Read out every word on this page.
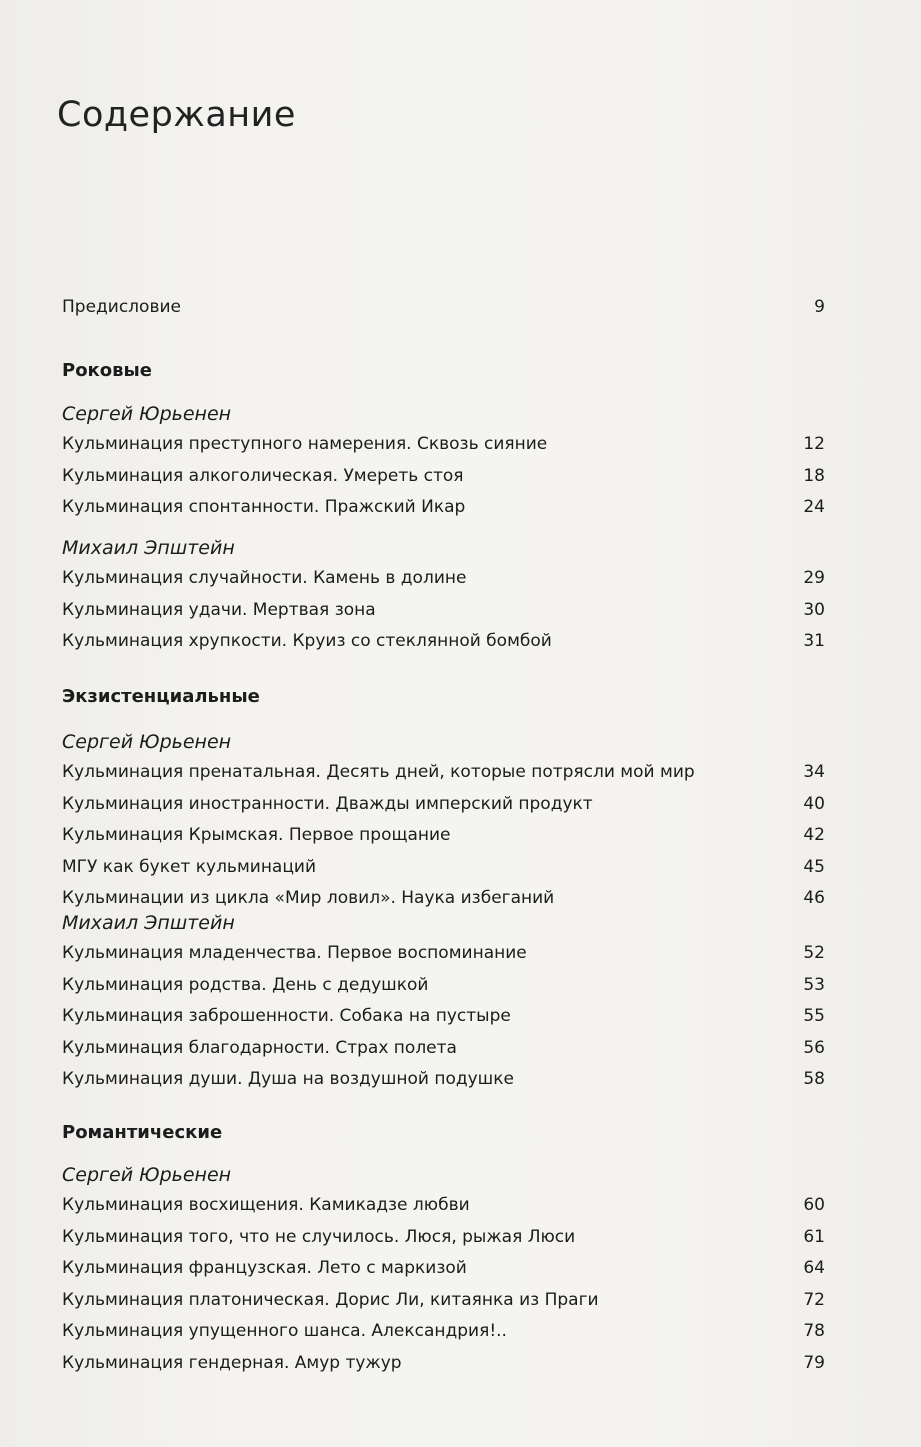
Содержание
Предисловие	9
Роковые
Сергей Юрьенен
Кульминация преступного намерения. Сквозь сияние	12
Кульминация алкоголическая. Умереть стоя	18
Кульминация спонтанности. Пражский Икар	24
Михаил Эпштейн
Кульминация случайности. Камень в долине	29
Кульминация удачи. Мертвая зона	30
Кульминация хрупкости. Круиз со стеклянной бомбой	31
Экзистенциальные
Сергей Юрьенен
Кульминация пренатальная. Десять дней, которые потрясли мой мир	34
Кульминация иностранности. Дважды имперский продукт	40
Кульминация Крымская. Первое прощание	42
МГУ как букет кульминаций	45
Кульминации из цикла «Мир ловил». Наука избеганий	46
Михаил Эпштейн
Кульминация младенчества. Первое воспоминание	52
Кульминация родства. День с дедушкой	53
Кульминация заброшенности. Собака на пустыре	55
Кульминация благодарности. Страх полета	56
Кульминация души. Душа на воздушной подушке	58
Романтические
Сергей Юрьенен
Кульминация восхищения. Камикадзе любви	60
Кульминация того, что не случилось. Люся, рыжая Люси	61
Кульминация французская. Лето с маркизой	64
Кульминация платоническая. Дорис Ли, китаянка из Праги	72
Кульминация упущенного шанса. Александрия!..	78
Кульминация гендерная. Амур тужур	79
